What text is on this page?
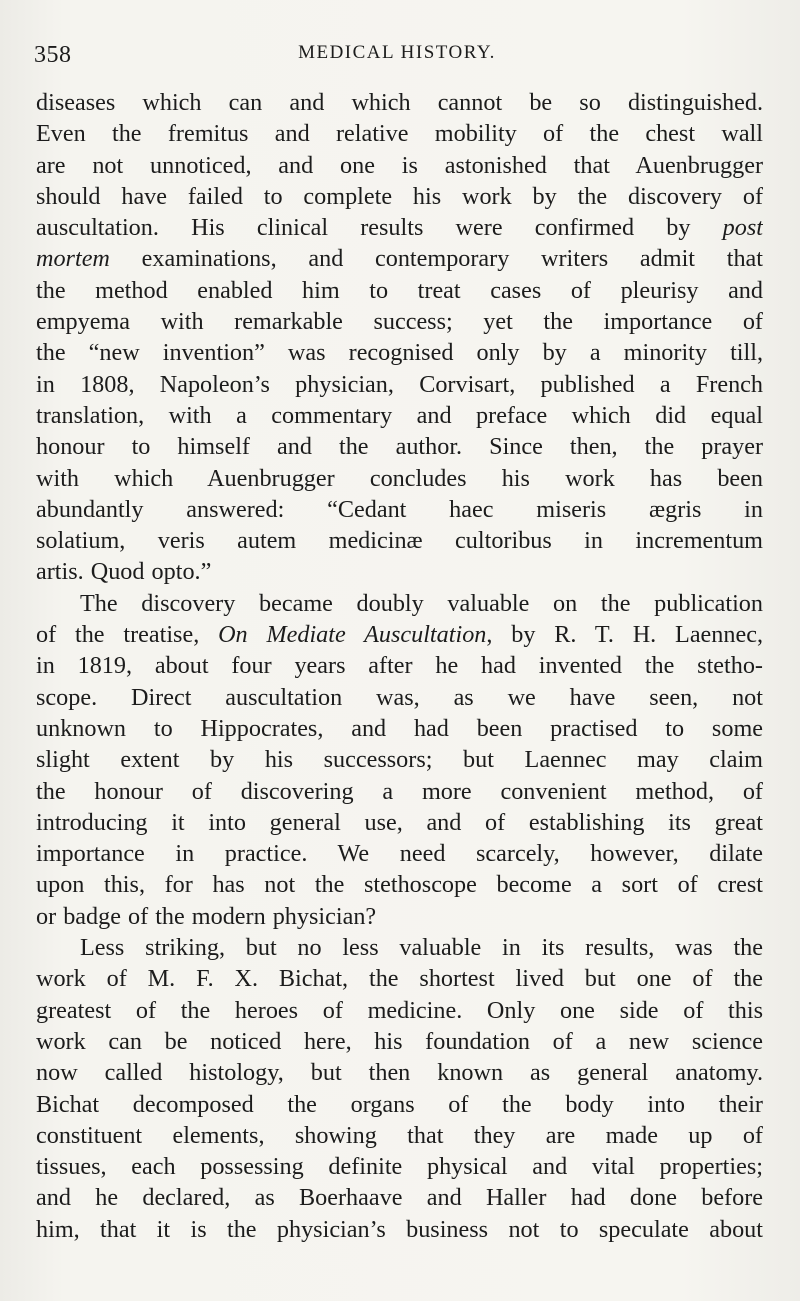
358	MEDICAL HISTORY.
diseases which can and which cannot be so distinguished.
Even the fremitus and relative mobility of the chest wall
are not unnoticed, and one is astonished that Auenbrugger
should have failed to complete his work by the discovery of
auscultation. His clinical results were confirmed by post
mortem examinations, and contemporary writers admit that
the method enabled him to treat cases of pleurisy and
empyema with remarkable success; yet the importance of
the “new invention” was recognised only by a minority till,
in 1808, Napoleon’s physician, Corvisart, published a French
translation, with a commentary and preface which did equal
honour to himself and the author. Since then, the prayer
with which Auenbrugger concludes his work has been
abundantly answered: “Cedant haec miseris ægris in
solatium, veris autem medicinæ cultoribus in incrementum
artis. Quod opto.”
The discovery became doubly valuable on the publication
of the treatise, On Mediate Auscultation, by R. T. H. Laennec,
in 1819, about four years after he had invented the stetho-
scope. Direct auscultation was, as we have seen, not
unknown to Hippocrates, and had been practised to some
slight extent by his successors; but Laennec may claim
the honour of discovering a more convenient method, of
introducing it into general use, and of establishing its great
importance in practice. We need scarcely, however, dilate
upon this, for has not the stethoscope become a sort of crest
or badge of the modern physician?
Less striking, but no less valuable in its results, was the
work of M. F. X. Bichat, the shortest lived but one of the
greatest of the heroes of medicine. Only one side of this
work can be noticed here, his foundation of a new science
now called histology, but then known as general anatomy.
Bichat decomposed the organs of the body into their
constituent elements, showing that they are made up of
tissues, each possessing definite physical and vital properties;
and he declared, as Boerhaave and Haller had done before
him, that it is the physician’s business not to speculate about
